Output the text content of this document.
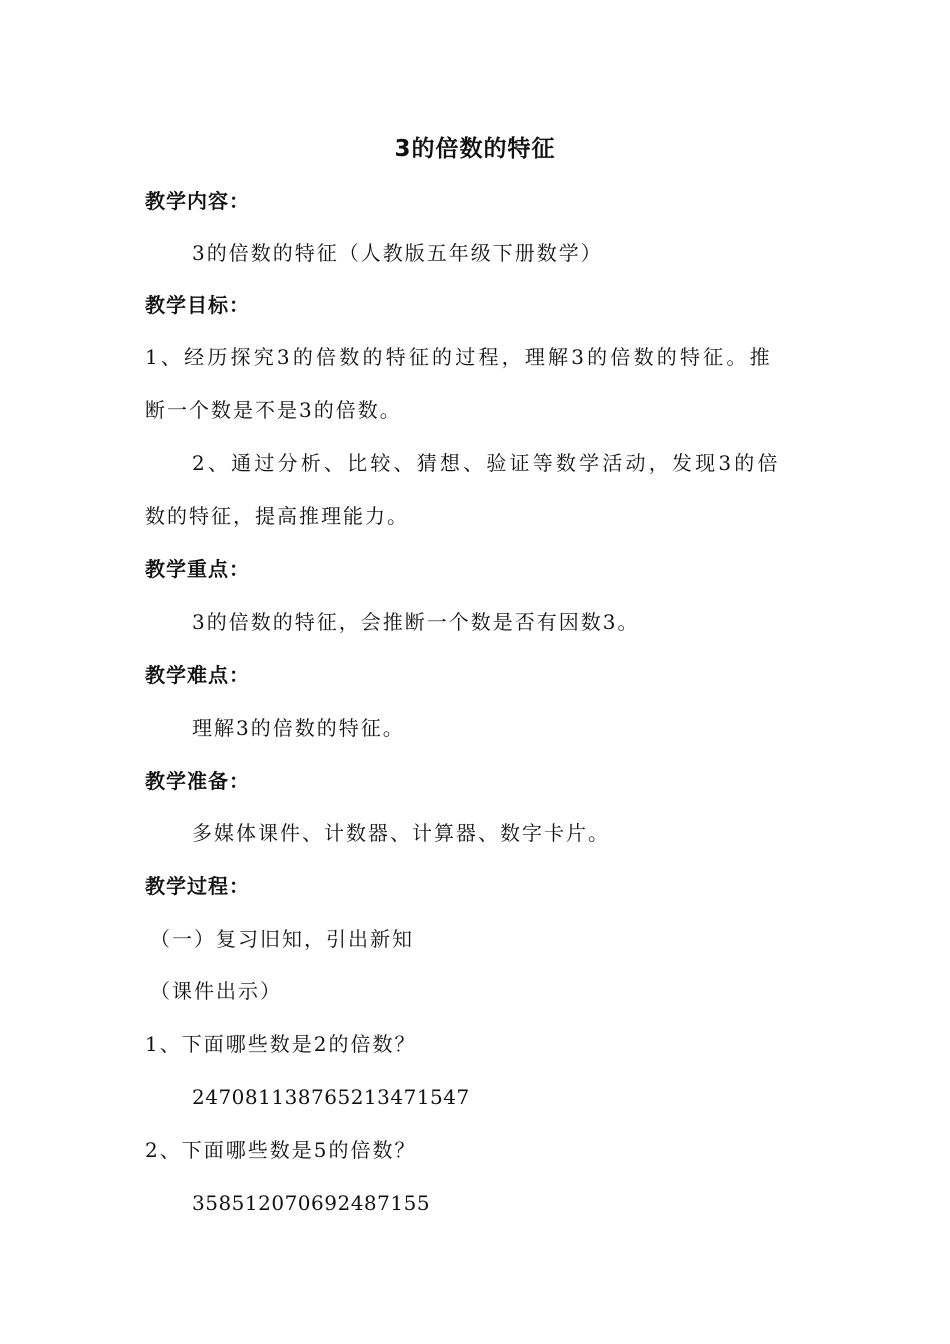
3的倍数的特征
教学内容：
3的倍数的特征（人教版五年级下册数学）
教学目标：
1、经历探究3的倍数的特征的过程，理解3的倍数的特征。推
断一个数是不是3的倍数。
2、通过分析、比较、猜想、验证等数学活动，发现3的倍
数的特征，提高推理能力。
教学重点：
3的倍数的特征，会推断一个数是否有因数3。
教学难点：
理解3的倍数的特征。
教学准备：
多媒体课件、计数器、计算器、数字卡片。
教学过程：
（一）复习旧知，引出新知
（课件出示）
1、下面哪些数是2的倍数？
247081138765213471547
2、下面哪些数是5的倍数？
358512070692487155
